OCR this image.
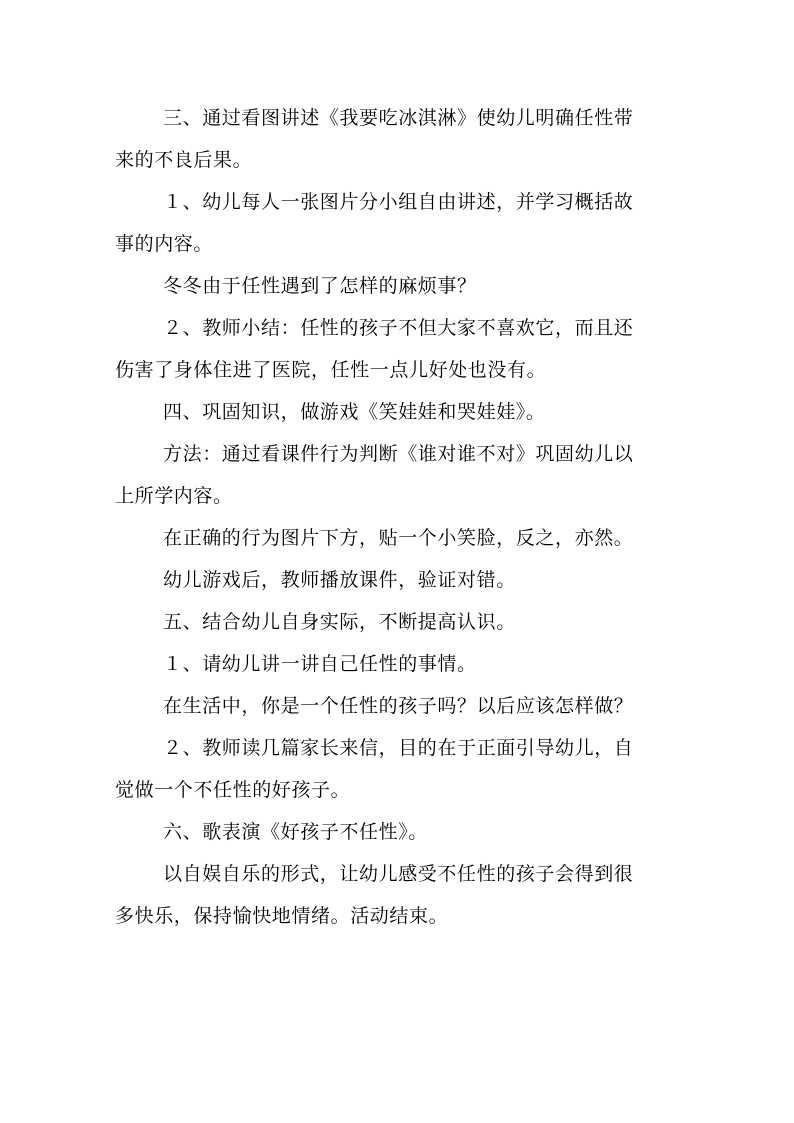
三、通过看图讲述《我要吃冰淇淋》使幼儿明确任性带
来的不良后果。
１、幼儿每人一张图片分小组自由讲述，并学习概括故
事的内容。
冬冬由于任性遇到了怎样的麻烦事？
２、教师小结：任性的孩子不但大家不喜欢它，而且还
伤害了身体住进了医院，任性一点儿好处也没有。
四、巩固知识，做游戏《笑娃娃和哭娃娃》。
方法：通过看课件行为判断《谁对谁不对》巩固幼儿以
上所学内容。
在正确的行为图片下方，贴一个小笑脸，反之，亦然。
幼儿游戏后，教师播放课件，验证对错。
五、结合幼儿自身实际，不断提高认识。
１、请幼儿讲一讲自己任性的事情。
在生活中，你是一个任性的孩子吗？以后应该怎样做？
２、教师读几篇家长来信，目的在于正面引导幼儿，自
觉做一个不任性的好孩子。
六、歌表演《好孩子不任性》。
以自娱自乐的形式，让幼儿感受不任性的孩子会得到很
多快乐，保持愉快地情绪。活动结束。
